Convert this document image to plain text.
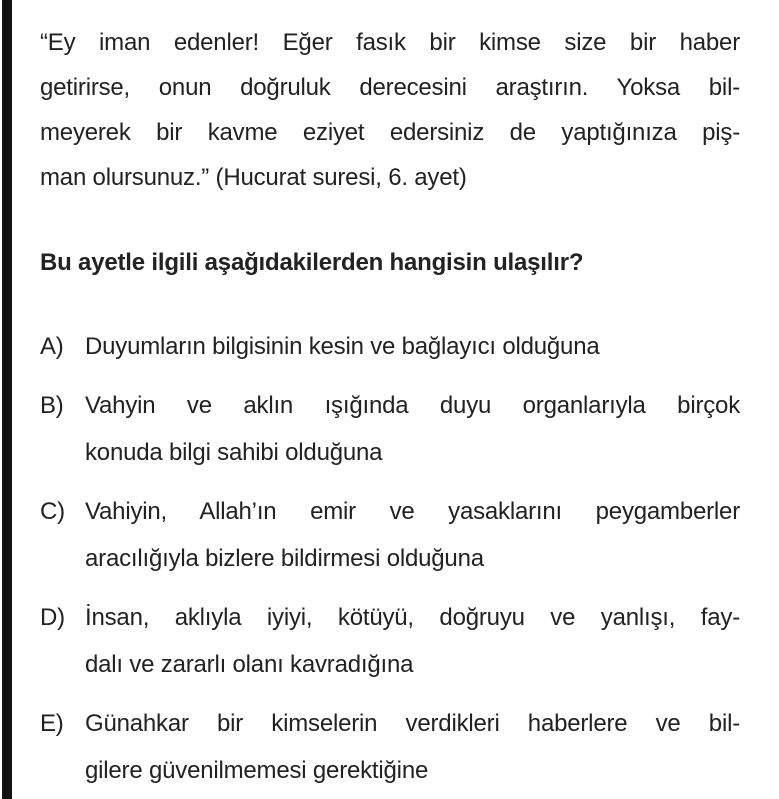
“Ey iman edenler! Eğer fasık bir kimse size bir haber
getirirse, onun doğruluk derecesini araştırın. Yoksa bil-
meyerek bir kavme eziyet edersiniz de yaptığınıza piş-
man olursunuz.” (Hucurat suresi, 6. ayet)
Bu ayetle ilgili aşağıdakilerden hangisin ulaşılır?
A) Duyumların bilgisinin kesin ve bağlayıcı olduğuna
B) Vahyin ve aklın ışığında duyu organlarıyla birçok
konuda bilgi sahibi olduğuna
C) Vahiyin, Allah’ın emir ve yasaklarını peygamberler
aracılığıyla bizlere bildirmesi olduğuna
D) İnsan, aklıyla iyiyi, kötüyü, doğruyu ve yanlışı, fay-
dalı ve zararlı olanı kavradığına
E) Günahkar bir kimselerin verdikleri haberlere ve bil-
gilere güvenilmemesi gerektiğine
